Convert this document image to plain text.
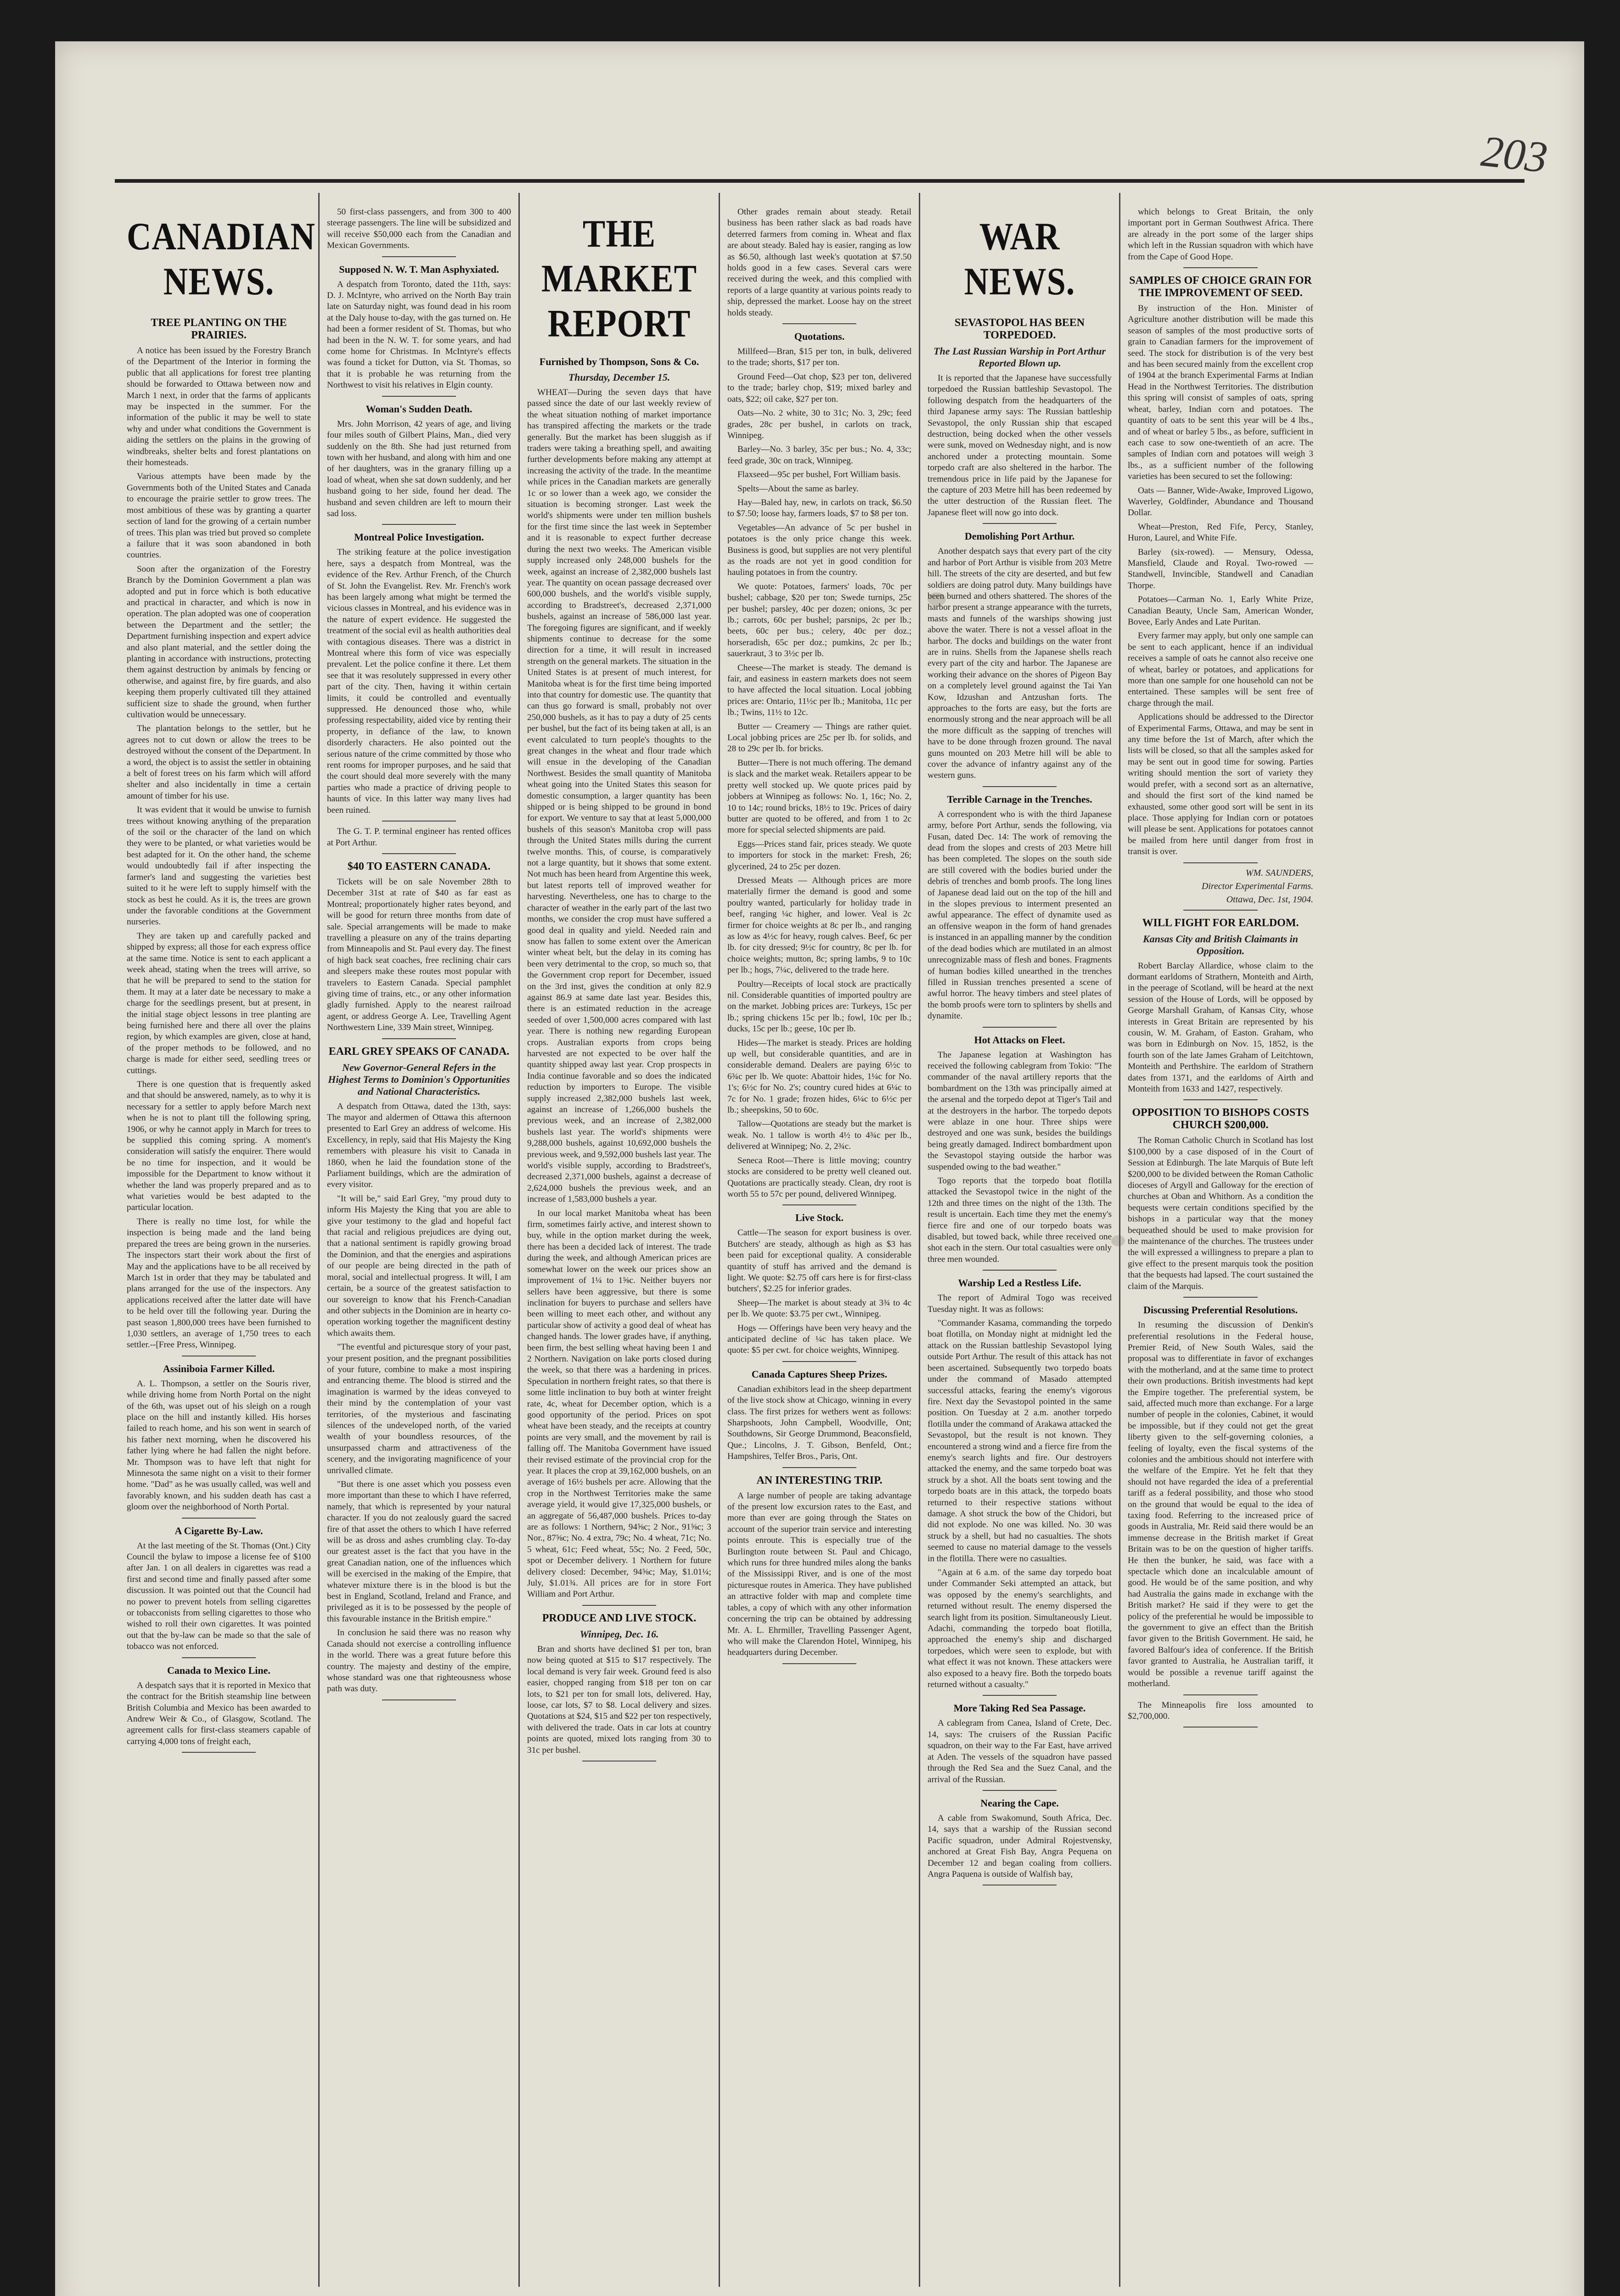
203
CANADIAN NEWS.
TREE PLANTING ON THE PRAIRIES.

A notice has been issued by the Forestry Branch of the Department of the Interior in forming the public that all applications for forest tree planting should be forwarded to Ottawa between now and March 1 next, in order that the farms of applicants may be inspected in the summer. For the information of the public it may be well to state why and under what conditions the Government is aiding the settlers on the plains in the growing of windbreaks, shelter belts and forest plantations on their homesteads.

Various attempts have been made by the Governments both of the United States and Canada to encourage the prairie settler to grow trees. The most ambitious of these was by granting a quarter section of land for the growing of a certain number of trees. This plan was tried but proved so complete a failure that it was soon abandoned in both countries.

Soon after the organization of the Forestry Branch by the Dominion Government a plan was adopted and put in force which is both educative and practical in character, and which is now in operation. The plan adopted was one of cooperation between the Department and the settler; the Department furnishing inspection and expert advice and also plant material, and the settler doing the planting in accordance with instructions, protecting them against destruction by animals by fencing or otherwise, and against fire, by fire guards, and also keeping them properly cultivated till they attained sufficient size to shade the ground, when further cultivation would be unnecessary.

The plantation belongs to the settler, but he agrees not to cut down or allow the trees to be destroyed without the consent of the Department. In a word, the object is to assist the settler in obtaining a belt of forest trees on his farm which will afford shelter and also incidentally in time a certain amount of timber for his use.

It was evident that it would be unwise to furnish trees without knowing anything of the preparation of the soil or the character of the land on which they were to be planted, or what varieties would be best adapted for it. On the other hand, the scheme would undoubtedly fail if after inspecting the farmer's land and suggesting the varieties best suited to it he were left to supply himself with the stock as best he could. As it is, the trees are grown under the favorable conditions at the Government nurseries.

They are taken up and carefully packed and shipped by express; all those for each express office at the same time. Notice is sent to each applicant a week ahead, stating when the trees will arrive, so that he will be prepared to send to the station for them. It may at a later date be necessary to make a charge for the seedlings present, but at present, in the initial stage object lessons in tree planting are being furnished here and there all over the plains region, by which examples are given, close at hand, of the proper methods to be followed, and no charge is made for either seed, seedling trees or cuttings.

There is one question that is frequently asked and that should be answered, namely, as to why it is necessary for a settler to apply before March next when he is not to plant till the following spring, 1906, or why he cannot apply in March for trees to be supplied this coming spring. A moment's consideration will satisfy the enquirer. There would be no time for inspection, and it would be impossible for the Department to know without it whether the land was properly prepared and as to what varieties would be best adapted to the particular location.

There is really no time lost, for while the inspection is being made and the land being prepared the trees are being grown in the nurseries. The inspectors start their work about the first of May and the applications have to be all received by March 1st in order that they may be tabulated and plans arranged for the use of the inspectors. Any applications received after the latter date will have to be held over till the following year. During the past season 1,800,000 trees have been furnished to 1,030 settlers, an average of 1,750 trees to each settler.--[Free Press, Winnipeg.

Assiniboia Farmer Killed.

A. L. Thompson, a settler on the Souris river, while driving home from North Portal on the night of the 6th, was upset out of his sleigh on a rough place on the hill and instantly killed. His horses failed to reach home, and his son went in search of his father next morning, when he discovered his father lying where he had fallen the night before. Mr. Thompson was to have left that night for Minnesota the same night on a visit to their former home. "Dad" as he was usually called, was well and favorably known, and his sudden death has cast a gloom over the neighborhood of North Portal.

A Cigarette By-Law.

At the last meeting of the St. Thomas (Ont.) City Council the bylaw to impose a license fee of $100 after Jan. 1 on all dealers in cigarettes was read a first and second time and finally passed after some discussion. It was pointed out that the Council had no power to prevent hotels from selling cigarettes or tobacconists from selling cigarettes to those who wished to roll their own cigarettes. It was pointed out that the by-law can be made so that the sale of tobacco was not enforced.

Canada to Mexico Line.

A despatch says that it is reported in Mexico that the contract for the British steamship line between British Columbia and Mexico has been awarded to Andrew Weir & Co., of Glasgow, Scotland. The agreement calls for first-class steamers capable of carrying 4,000 tons of freight each,

50 first-class passengers, and from 300 to 400 steerage passengers. The line will be subsidized and will receive $50,000 each from the Canadian and Mexican Governments.

Supposed N. W. T. Man Asphyxiated.

A despatch from Toronto, dated the 11th, says: D. J. McIntyre, who arrived on the North Bay train late on Saturday night, was found dead in his room at the Daly house to-day, with the gas turned on. He had been a former resident of St. Thomas, but who had been in the N. W. T. for some years, and had come home for Christmas. In McIntyre's effects was found a ticket for Dutton, via St. Thomas, so that it is probable he was returning from the Northwest to visit his relatives in Elgin county.

Woman's Sudden Death.

Mrs. John Morrison, 42 years of age, and living four miles south of Gilbert Plains, Man., died very suddenly on the 8th. She had just returned from town with her husband, and along with him and one of her daughters, was in the granary filling up a load of wheat, when she sat down suddenly, and her husband going to her side, found her dead. The husband and seven children are left to mourn their sad loss.

Montreal Police Investigation.

The striking feature at the police investigation here, says a despatch from Montreal, was the evidence of the Rev. Arthur French, of the Church of St. John the Evangelist. Rev. Mr. French's work has been largely among what might be termed the vicious classes in Montreal, and his evidence was in the nature of expert evidence. He suggested the treatment of the social evil as health authorities deal with contagious diseases. There was a district in Montreal where this form of vice was especially prevalent. Let the police confine it there. Let them see that it was resolutely suppressed in every other part of the city. Then, having it within certain limits, it could be controlled and eventually suppressed. He denounced those who, while professing respectability, aided vice by renting their property, in defiance of the law, to known disorderly characters. He also pointed out the serious nature of the crime committed by those who rent rooms for improper purposes, and he said that the court should deal more severely with the many parties who made a practice of driving people to haunts of vice. In this latter way many lives had been ruined.

The G. T. P. terminal engineer has rented offices at Port Arthur.

$40 TO EASTERN CANADA.

Tickets will be on sale November 28th to December 31st at rate of $40 as far east as Montreal; proportionately higher rates beyond, and will be good for return three months from date of sale. Special arrangements will be made to make travelling a pleasure on any of the trains departing from Minneapolis and St. Paul every day. The finest of high back seat coaches, free reclining chair cars and sleepers make these routes most popular with travelers to Eastern Canada. Special pamphlet giving time of trains, etc., or any other information gladly furnished. Apply to the nearest railroad agent, or address George A. Lee, Travelling Agent Northwestern Line, 339 Main street, Winnipeg.

EARL GREY SPEAKS OF CANADA.
New Governor-General Refers in the Highest Terms to Dominion's Opportunities and National Characteristics.

A despatch from Ottawa, dated the 13th, says: The mayor and aldermen of Ottawa this afternoon presented to Earl Grey an address of welcome. His Excellency, in reply, said that His Majesty the King remembers with pleasure his visit to Canada in 1860, when he laid the foundation stone of the Parliament buildings, which are the admiration of every visitor.

"It will be," said Earl Grey, "my proud duty to inform His Majesty the King that you are able to give your testimony to the glad and hopeful fact that racial and religious prejudices are dying out, that a national sentiment is rapidly growing broad the Dominion, and that the energies and aspirations of our people are being directed in the path of moral, social and intellectual progress. It will, I am certain, be a source of the greatest satisfaction to our sovereign to know that his French-Canadian and other subjects in the Dominion are in hearty co-operation working together the magnificent destiny which awaits them.

"The eventful and picturesque story of your past, your present position, and the pregnant possibilities of your future, combine to make a most inspiring and entrancing theme. The blood is stirred and the imagination is warmed by the ideas conveyed to their mind by the contemplation of your vast territories, of the mysterious and fascinating silences of the undeveloped north, of the varied wealth of your boundless resources, of the unsurpassed charm and attractiveness of the scenery, and the invigorating magnificence of your unrivalled climate.

"But there is one asset which you possess even more important than these to which I have referred, namely, that which is represented by your natural character. If you do not zealously guard the sacred fire of that asset the others to which I have referred will be as dross and ashes crumbling clay. To-day our greatest asset is the fact that you have in the great Canadian nation, one of the influences which will be exercised in the making of the Empire, that whatever mixture there is in the blood is but the best in England, Scotland, Ireland and France, and privileged as it is to be possessed by the people of this favourable instance in the British empire."

In conclusion he said there was no reason why Canada should not exercise a controlling influence in the world. There was a great future before this country. The majesty and destiny of the empire, whose standard was one that righteousness whose path was duty.

THE MARKET REPORT
Furnished by Thompson, Sons & Co.
Thursday, December 15.

WHEAT—During the seven days that have passed since the date of our last weekly review of the wheat situation nothing of market importance has transpired affecting the markets or the trade generally. But the market has been sluggish as if traders were taking a breathing spell, and awaiting further developments before making any attempt at increasing the activity of the trade. In the meantime while prices in the Canadian markets are generally 1c or so lower than a week ago, we consider the situation is becoming stronger. Last week the world's shipments were under ten million bushels for the first time since the last week in September and it is reasonable to expect further decrease during the next two weeks. The American visible supply increased only 248,000 bushels for the week, against an increase of 2,382,000 bushels last year. The quantity on ocean passage decreased over 600,000 bushels, and the world's visible supply, according to Bradstreet's, decreased 2,371,000 bushels, against an increase of 586,000 last year. The foregoing figures are significant, and if weekly shipments continue to decrease for the some direction for a time, it will result in increased strength on the general markets. The situation in the United States is at present of much interest, for Manitoba wheat is for the first time being imported into that country for domestic use. The quantity that can thus go forward is small, probably not over 250,000 bushels, as it has to pay a duty of 25 cents per bushel, but the fact of its being taken at all, is an event calculated to turn people's thoughts to the great changes in the wheat and flour trade which will ensue in the developing of the Canadian Northwest. Besides the small quantity of Manitoba wheat going into the United States this season for domestic consumption, a larger quantity has been shipped or is being shipped to be ground in bond for export. We venture to say that at least 5,000,000 bushels of this season's Manitoba crop will pass through the United States mills during the current twelve months. This, of course, is comparatively not a large quantity, but it shows that some extent. Not much has been heard from Argentine this week, but latest reports tell of improved weather for harvesting. Nevertheless, one has to charge to the character of weather in the early part of the last two months, we consider the crop must have suffered a good deal in quality and yield. Needed rain and snow has fallen to some extent over the American winter wheat belt, but the delay in its coming has been very detrimental to the crop, so much so, that the Government crop report for December, issued on the 3rd inst, gives the condition at only 82.9 against 86.9 at same date last year. Besides this, there is an estimated reduction in the acreage seeded of over 1,500,000 acres compared with last year. There is nothing new regarding European crops. Australian exports from crops being harvested are not expected to be over half the quantity shipped away last year. Crop prospects in India continue favorable and so does the indicated reduction by importers to Europe. The visible supply increased 2,382,000 bushels last week, against an increase of 1,266,000 bushels the previous week, and an increase of 2,382,000 bushels last year. The world's shipments were 9,288,000 bushels, against 10,692,000 bushels the previous week, and 9,592,000 bushels last year. The world's visible supply, according to Bradstreet's, decreased 2,371,000 bushels, against a decrease of 2,624,000 bushels the previous week, and an increase of 1,583,000 bushels a year.

In our local market Manitoba wheat has been firm, sometimes fairly active, and interest shown to buy, while in the option market during the week, there has been a decided lack of interest. The trade during the week, and although American prices are somewhat lower on the week our prices show an improvement of 1¼ to 1⅝c. Neither buyers nor sellers have been aggressive, but there is some inclination for buyers to purchase and sellers have been willing to meet each other, and without any particular show of activity a good deal of wheat has changed hands. The lower grades have, if anything, been firm, the best selling wheat having been 1 and 2 Northern. Navigation on lake ports closed during the week, so that there was a hardening in prices. Speculation in northern freight rates, so that there is some little inclination to buy both at winter freight rate, 4c, wheat for December option, which is a good opportunity of the period. Prices on spot wheat have been steady, and the receipts at country points are very small, and the movement by rail is falling off. The Manitoba Government have issued their revised estimate of the provincial crop for the year. It places the crop at 39,162,000 bushels, on an average of 16½ bushels per acre. Allowing that the crop in the Northwest Territories make the same average yield, it would give 17,325,000 bushels, or an aggregate of 56,487,000 bushels. Prices to-day are as follows: 1 Northern, 94⅝c; 2 Nor., 91⅝c; 3 Nor., 87⅝c; No. 4 extra, 79c; No. 4 wheat, 71c; No. 5 wheat, 61c; Feed wheat, 55c; No. 2 Feed, 50c, spot or December delivery. 1 Northern for future delivery closed: December, 94⅝c; May, $1.01¼; July, $1.01¾. All prices are for in store Fort William and Port Arthur.

PRODUCE AND LIVE STOCK.
Winnipeg, Dec. 16.

Bran and shorts have declined $1 per ton, bran now being quoted at $15 to $17 respectively. The local demand is very fair week. Ground feed is also easier, chopped ranging from $18 per ton on car lots, to $21 per ton for small lots, delivered. Hay, loose, car lots, $7 to $8. Local delivery and sizes. Quotations at $24, $15 and $22 per ton respectively, with delivered the trade. Oats in car lots at country points are quoted, mixed lots ranging from 30 to 31c per bushel.

Other grades remain about steady. Retail business has been rather slack as bad roads have deterred farmers from coming in. Wheat and flax are about steady. Baled hay is easier, ranging as low as $6.50, although last week's quotation at $7.50 holds good in a few cases. Several cars were received during the week, and this complied with reports of a large quantity at various points ready to ship, depressed the market. Loose hay on the street holds steady.

Quotations.

Millfeed—Bran, $15 per ton, in bulk, delivered to the trade; shorts, $17 per ton.

Ground Feed—Oat chop, $23 per ton, delivered to the trade; barley chop, $19; mixed barley and oats, $22; oil cake, $27 per ton.

Oats—No. 2 white, 30 to 31c; No. 3, 29c; feed grades, 28c per bushel, in carlots on track, Winnipeg.

Barley—No. 3 barley, 35c per bus.; No. 4, 33c; feed grade, 30c on track, Winnipeg.

Flaxseed—95c per bushel, Fort William basis.

Spelts—About the same as barley.

Hay—Baled hay, new, in carlots on track, $6.50 to $7.50; loose hay, farmers loads, $7 to $8 per ton.

Vegetables—An advance of 5c per bushel in potatoes is the only price change this week. Business is good, but supplies are not very plentiful as the roads are not yet in good condition for hauling potatoes in from the country.

We quote: Potatoes, farmers' loads, 70c per bushel; cabbage, $20 per ton; Swede turnips, 25c per bushel; parsley, 40c per dozen; onions, 3c per lb.; carrots, 60c per bushel; parsnips, 2c per lb.; beets, 60c per bus.; celery, 40c per doz.; horseradish, 65c per doz.; pumkins, 2c per lb.; sauerkraut, 3 to 3½c per lb.

Cheese—The market is steady. The demand is fair, and easiness in eastern markets does not seem to have affected the local situation. Local jobbing prices are: Ontario, 11½c per lb.; Manitoba, 11c per lb.; Twins, 11½ to 12c.

Butter — Creamery — Things are rather quiet. Local jobbing prices are 25c per lb. for solids, and 28 to 29c per lb. for bricks.

Butter—There is not much offering. The demand is slack and the market weak. Retailers appear to be pretty well stocked up. We quote prices paid by jobbers at Winnipeg as follows: No. 1, 16c; No. 2, 10 to 14c; round bricks, 18½ to 19c. Prices of dairy butter are quoted to be offered, and from 1 to 2c more for special selected shipments are paid.

Eggs—Prices stand fair, prices steady. We quote to importers for stock in the market: Fresh, 26; glycerined, 24 to 25c per dozen.

Dressed Meats — Although prices are more materially firmer the demand is good and some poultry wanted, particularly for holiday trade in beef, ranging ¼c higher, and lower. Veal is 2c firmer for choice weights at 8c per lb., and ranging as low as 4½c for heavy, rough calves. Beef, 6c per lb. for city dressed; 9½c for country, 8c per lb. for choice weights; mutton, 8c; spring lambs, 9 to 10c per lb.; hogs, 7¼c, delivered to the trade here.

Poultry—Receipts of local stock are practically nil. Considerable quantities of imported poultry are on the market. Jobbing prices are: Turkeys, 15c per lb.; spring chickens 15c per lb.; fowl, 10c per lb.; ducks, 15c per lb.; geese, 10c per lb.

Hides—The market is steady. Prices are holding up well, but considerable quantities, and are in considerable demand. Dealers are paying 6½c to 6¾c per lb. We quote: Abattoir hides, 1¼c for No. 1's; 6½c for No. 2's; country cured hides at 6¼c to 7c for No. 1 grade; frozen hides, 6¼c to 6½c per lb.; sheepskins, 50 to 60c.

Tallow—Quotations are steady but the market is weak. No. 1 tallow is worth 4½ to 4¾c per lb., delivered at Winnipeg; No. 2, 2¾c.

Seneca Root—There is little moving; country stocks are considered to be pretty well cleaned out. Quotations are practically steady. Clean, dry root is worth 55 to 57c per pound, delivered Winnipeg.

Live Stock.

Cattle—The season for export business is over. Butchers' are steady, although as high as $3 has been paid for exceptional quality. A considerable quantity of stuff has arrived and the demand is light. We quote: $2.75 off cars here is for first-class butchers', $2.25 for inferior grades.

Sheep—The market is about steady at 3¾ to 4c per lb. We quote: $3.75 per cwt., Winnipeg.

Hogs — Offerings have been very heavy and the anticipated decline of ¼c has taken place. We quote: $5 per cwt. for choice weights, Winnipeg.

Canada Captures Sheep Prizes.

Canadian exhibitors lead in the sheep department of the live stock show at Chicago, winning in every class. The first prizes for wethers went as follows: Sharpshoots, John Campbell, Woodville, Ont; Southdowns, Sir George Drummond, Beaconsfield, Que.; Lincolns, J. T. Gibson, Benfeld, Ont.; Hampshires, Telfer Bros., Paris, Ont.

AN INTERESTING TRIP.

A large number of people are taking advantage of the present low excursion rates to the East, and more than ever are going through the States on account of the superior train service and interesting points enroute. This is especially true of the Burlington route between St. Paul and Chicago, which runs for three hundred miles along the banks of the Mississippi River, and is one of the most picturesque routes in America. They have published an attractive folder with map and complete time tables, a copy of which with any other information concerning the trip can be obtained by addressing Mr. A. L. Ehrmiller, Travelling Passenger Agent, who will make the Clarendon Hotel, Winnipeg, his headquarters during December.

WAR NEWS.
SEVASTOPOL HAS BEEN TORPEDOED.
The Last Russian Warship in Port Arthur Reported Blown up.

It is reported that the Japanese have successfully torpedoed the Russian battleship Sevastopol. The following despatch from the headquarters of the third Japanese army says: The Russian battleship Sevastopol, the only Russian ship that escaped destruction, being docked when the other vessels were sunk, moved on Wednesday night, and is now anchored under a protecting mountain. Some torpedo craft are also sheltered in the harbor. The tremendous price in life paid by the Japanese for the capture of 203 Metre hill has been redeemed by the utter destruction of the Russian fleet. The Japanese fleet will now go into dock.

Demolishing Port Arthur.

Another despatch says that every part of the city and harbor of Port Arthur is visible from 203 Metre hill. The streets of the city are deserted, and but few soldiers are doing patrol duty. Many buildings have been burned and others shattered. The shores of the harbor present a strange appearance with the turrets, masts and funnels of the warships showing just above the water. There is not a vessel afloat in the harbor. The docks and buildings on the water front are in ruins. Shells from the Japanese shells reach every part of the city and harbor. The Japanese are working their advance on the shores of Pigeon Bay on a completely level ground against the Tai Yan Kow, Idzushan and Antzushan forts. The approaches to the forts are easy, but the forts are enormously strong and the near approach will be all the more difficult as the sapping of trenches will have to be done through frozen ground. The naval guns mounted on 203 Metre hill will be able to cover the advance of infantry against any of the western guns.

Terrible Carnage in the Trenches.

A correspondent who is with the third Japanese army, before Port Arthur, sends the following, via Fusan, dated Dec. 14: The work of removing the dead from the slopes and crests of 203 Metre hill has been completed. The slopes on the south side are still covered with the bodies buried under the debris of trenches and bomb proofs. The long lines of Japanese dead laid out on the top of the hill and in the slopes previous to interment presented an awful appearance. The effect of dynamite used as an offensive weapon in the form of hand grenades is instanced in an appalling manner by the condition of the dead bodies which are mutilated in an almost unrecognizable mass of flesh and bones. Fragments of human bodies killed unearthed in the trenches filled in Russian trenches presented a scene of awful horror. The heavy timbers and steel plates of the bomb proofs were torn to splinters by shells and dynamite.

Hot Attacks on Fleet.

The Japanese legation at Washington has received the following cablegram from Tokio: "The commander of the naval artillery reports that the bombardment on the 13th was principally aimed at the arsenal and the torpedo depot at Tiger's Tail and at the destroyers in the harbor. The torpedo depots were ablaze in one hour. Three ships were destroyed and one was sunk, besides the buildings being greatly damaged. Indirect bombardment upon the Sevastopol staying outside the harbor was suspended owing to the bad weather."

Togo reports that the torpedo boat flotilla attacked the Sevastopol twice in the night of the 12th and three times on the night of the 13th. The result is uncertain. Each time they met the enemy's fierce fire and one of our torpedo boats was disabled, but towed back, while three received one shot each in the stern. Our total casualties were only three men wounded.

Warship Led a Restless Life.

The report of Admiral Togo was received Tuesday night. It was as follows:

"Commander Kasama, commanding the torpedo boat flotilla, on Monday night at midnight led the attack on the Russian battleship Sevastopol lying outside Port Arthur. The result of this attack has not been ascertained. Subsequently two torpedo boats under the command of Masado attempted successful attacks, fearing the enemy's vigorous fire. Next day the Sevastopol pointed in the same position. On Tuesday at 2 a.m. another torpedo flotilla under the command of Arakawa attacked the Sevastopol, but the result is not known. They encountered a strong wind and a fierce fire from the enemy's search lights and fire. Our destroyers attacked the enemy, and the same torpedo boat was struck by a shot. All the boats sent towing and the torpedo boats are in this attack, the torpedo boats returned to their respective stations without damage. A shot struck the bow of the Chidori, but did not explode. No one was killed. No. 30 was struck by a shell, but had no casualties. The shots seemed to cause no material damage to the vessels in the flotilla. There were no casualties.

"Again at 6 a.m. of the same day torpedo boat under Commander Seki attempted an attack, but was opposed by the enemy's searchlights, and returned without result. The enemy dispersed the search light from its position. Simultaneously Lieut. Adachi, commanding the torpedo boat flotilla, approached the enemy's ship and discharged torpedoes, which were seen to explode, but with what effect it was not known. These attackers were also exposed to a heavy fire. Both the torpedo boats returned without a casualty."

More Taking Red Sea Passage.

A cablegram from Canea, Island of Crete, Dec. 14, says: The cruisers of the Russian Pacific squadron, on their way to the Far East, have arrived at Aden. The vessels of the squadron have passed through the Red Sea and the Suez Canal, and the arrival of the Russian.

Nearing the Cape.

A cable from Swakomund, South Africa, Dec. 14, says that a warship of the Russian second Pacific squadron, under Admiral Rojestvensky, anchored at Great Fish Bay, Angra Pequena on December 12 and began coaling from colliers. Angra Paquena is outside of Walfish bay,

which belongs to Great Britain, the only important port in German Southwest Africa. There are already in the port some of the larger ships which left in the Russian squadron with which have from the Cape of Good Hope.

SAMPLES OF CHOICE GRAIN FOR THE IMPROVEMENT OF SEED.

By instruction of the Hon. Minister of Agriculture another distribution will be made this season of samples of the most productive sorts of grain to Canadian farmers for the improvement of seed. The stock for distribution is of the very best and has been secured mainly from the excellent crop of 1904 at the branch Experimental Farms at Indian Head in the Northwest Territories. The distribution this spring will consist of samples of oats, spring wheat, barley, Indian corn and potatoes. The quantity of oats to be sent this year will be 4 lbs., and of wheat or barley 5 lbs., as before, sufficient in each case to sow one-twentieth of an acre. The samples of Indian corn and potatoes will weigh 3 lbs., as a sufficient number of the following varieties has been secured to set the following:

Oats — Banner, Wide-Awake, Improved Ligowo, Waverley, Goldfinder, Abundance and Thousand Dollar.

Wheat—Preston, Red Fife, Percy, Stanley, Huron, Laurel, and White Fife.

Barley (six-rowed). — Mensury, Odessa, Mansfield, Claude and Royal. Two-rowed — Standwell, Invincible, Standwell and Canadian Thorpe.

Potatoes—Carman No. 1, Early White Prize, Canadian Beauty, Uncle Sam, American Wonder, Bovee, Early Andes and Late Puritan.

Every farmer may apply, but only one sample can be sent to each applicant, hence if an individual receives a sample of oats he cannot also receive one of wheat, barley or potatoes, and applications for more than one sample for one household can not be entertained. These samples will be sent free of charge through the mail.

Applications should be addressed to the Director of Experimental Farms, Ottawa, and may be sent in any time before the 1st of March, after which the lists will be closed, so that all the samples asked for may be sent out in good time for sowing. Parties writing should mention the sort of variety they would prefer, with a second sort as an alternative, and should the first sort of the kind named be exhausted, some other good sort will be sent in its place. Those applying for Indian corn or potatoes will please be sent. Applications for potatoes cannot be mailed from here until danger from frost in transit is over.

WM. SAUNDERS,
Director Experimental Farms.
Ottawa, Dec. 1st, 1904.
WILL FIGHT FOR EARLDOM.
Kansas City and British Claimants in Opposition.

Robert Barclay Allardice, whose claim to the dormant earldoms of Strathern, Monteith and Airth, in the peerage of Scotland, will be heard at the next session of the House of Lords, will be opposed by George Marshall Graham, of Kansas City, whose interests in Great Britain are represented by his cousin, W. M. Graham, of Easton. Graham, who was born in Edinburgh on Nov. 15, 1852, is the fourth son of the late James Graham of Leitchtown, Monteith and Perthshire. The earldom of Strathern dates from 1371, and the earldoms of Airth and Monteith from 1633 and 1427, respectively.

OPPOSITION TO BISHOPS COSTS CHURCH $200,000.

The Roman Catholic Church in Scotland has lost $100,000 by a case disposed of in the Court of Session at Edinburgh. The late Marquis of Bute left $200,000 to be divided between the Roman Catholic dioceses of Argyll and Galloway for the erection of churches at Oban and Whithorn. As a condition the bequests were certain conditions specified by the bishops in a particular way that the money bequeathed should be used to make provision for the maintenance of the churches. The trustees under the will expressed a willingness to prepare a plan to give effect to the present marquis took the position that the bequests had lapsed. The court sustained the claim of the Marquis.

Discussing Preferential Resolutions.

In resuming the discussion of Denkin's preferential resolutions in the Federal house, Premier Reid, of New South Wales, said the proposal was to differentiate in favor of exchanges with the motherland, and at the same time to protect their own productions. British investments had kept the Empire together. The preferential system, be said, affected much more than exchange. For a large number of people in the colonies, Cabinet, it would be impossible, but if they could not get the great liberty given to the self-governing colonies, a feeling of loyalty, even the fiscal systems of the colonies and the ambitious should not interfere with the welfare of the Empire. Yet he felt that they should not have regarded the idea of a preferential tariff as a federal possibility, and those who stood on the ground that would be equal to the idea of taxing food. Referring to the increased price of goods in Australia, Mr. Reid said there would be an immense decrease in the British market if Great Britain was to be on the question of higher tariffs. He then the bunker, he said, was face with a spectacle which done an incalculable amount of good. He would be of the same position, and why had Australia the gains made in exchange with the British market? He said if they were to get the policy of the preferential he would be impossible to the government to give an effect than the British favor given to the British Government. He said, he favored Balfour's idea of conference. If the British favor granted to Australia, he Australian tariff, it would be possible a revenue tariff against the motherland.

The Minneapolis fire loss amounted to $2,700,000.
